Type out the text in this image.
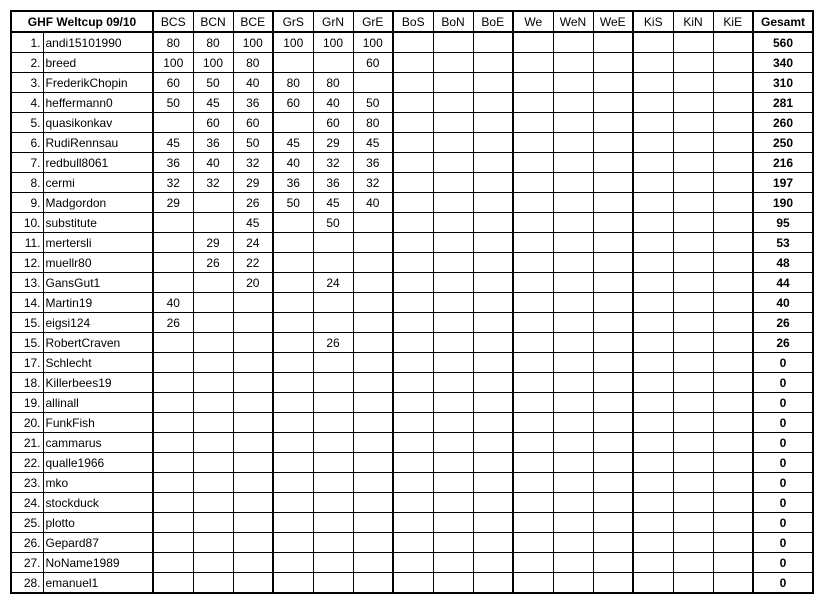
GHF Weltcup 09/10		BCS	BCN	BCE	GrS	GrN	GrE	BoS	BoN	BoE	We	WeN	WeE	KiS	KiN	KiE	Gesamt
1.	andi15101990	80	80	100	100	100	100										560
2.	breed	100	100	80			60										340
3.	FrederikChopin	60	50	40	80	80											310
4.	heffermann0	50	45	36	60	40	50										281
5.	quasikonkav		60	60		60	80										260
6.	RudiRennsau	45	36	50	45	29	45										250
7.	redbull8061	36	40	32	40	32	36										216
8.	cermi	32	32	29	36	36	32										197
9.	Madgordon	29		26	50	45	40										190
10.	substitute			45		50											95
11.	mertersli		29	24													53
12.	muellr80		26	22													48
13.	GansGut1			20		24											44
14.	Martin19	40															40
15.	eigsi124	26															26
15.	RobertCraven					26											26
17.	Schlecht																0
18.	Killerbees19																0
19.	allinall																0
20.	FunkFish																0
21.	cammarus																0
22.	qualle1966																0
23.	mko																0
24.	stockduck																0
25.	plotto																0
26.	Gepard87																0
27.	NoName1989																0
28.	emanuel1																0
